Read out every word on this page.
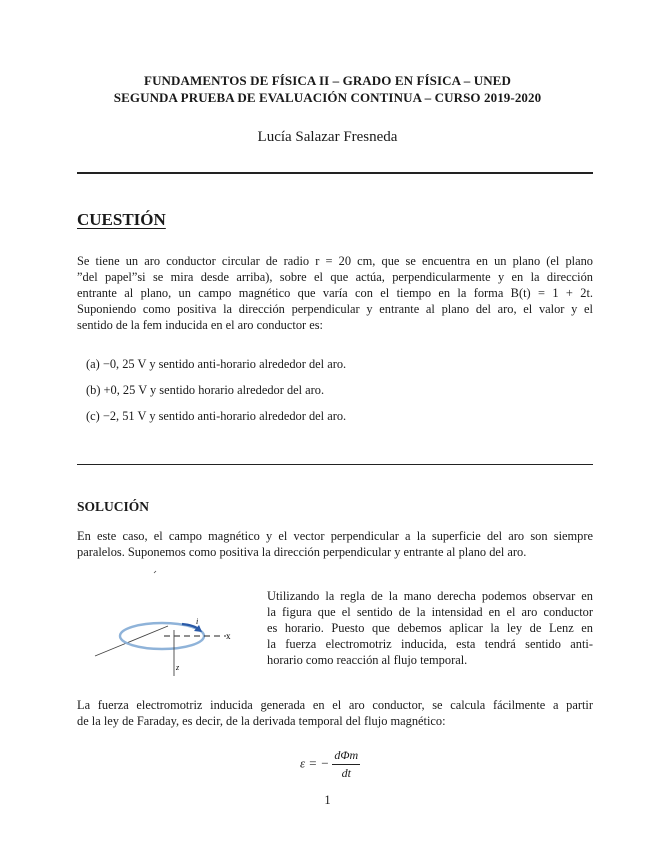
FUNDAMENTOS DE FÍSICA II – GRADO EN FÍSICA – UNED
SEGUNDA PRUEBA DE EVALUACIÓN CONTINUA – CURSO 2019-2020
Lucía Salazar Fresneda
CUESTIÓN
Se tiene un aro conductor circular de radio r = 20 cm, que se encuentra en un plano (el plano
”del papel”si se mira desde arriba), sobre el que actúa, perpendicularmente y en la dirección
entrante al plano, un campo magnético que varía con el tiempo en la forma B(t) = 1 + 2t.
Suponiendo como positiva la dirección perpendicular y entrante al plano del aro, el valor y el
sentido de la fem inducida en el aro conductor es:
(a) −0, 25 V y sentido anti-horario alrededor del aro.
(b) +0, 25 V y sentido horario alrededor del aro.
(c) −2, 51 V y sentido anti-horario alrededor del aro.
SOLUCIÓN
En este caso, el campo magnético y el vector perpendicular a la superficie del aro son siempre
paralelos. Suponemos como positiva la dirección perpendicular y entrante al plano del aro.
i
x
z
Utilizando la regla de la mano derecha podemos observar en
la figura que el sentido de la intensidad en el aro conductor
es horario. Puesto que debemos aplicar la ley de Lenz en
la fuerza electromotriz inducida, esta tendrá sentido anti-
horario como reacción al flujo temporal.
La fuerza electromotriz inducida generada en el aro conductor, se calcula fácilmente a partir
de la ley de Faraday, es decir, de la derivada temporal del flujo magnético:
ε = − $\frac{\text{dΦm}}{dt}$
1
